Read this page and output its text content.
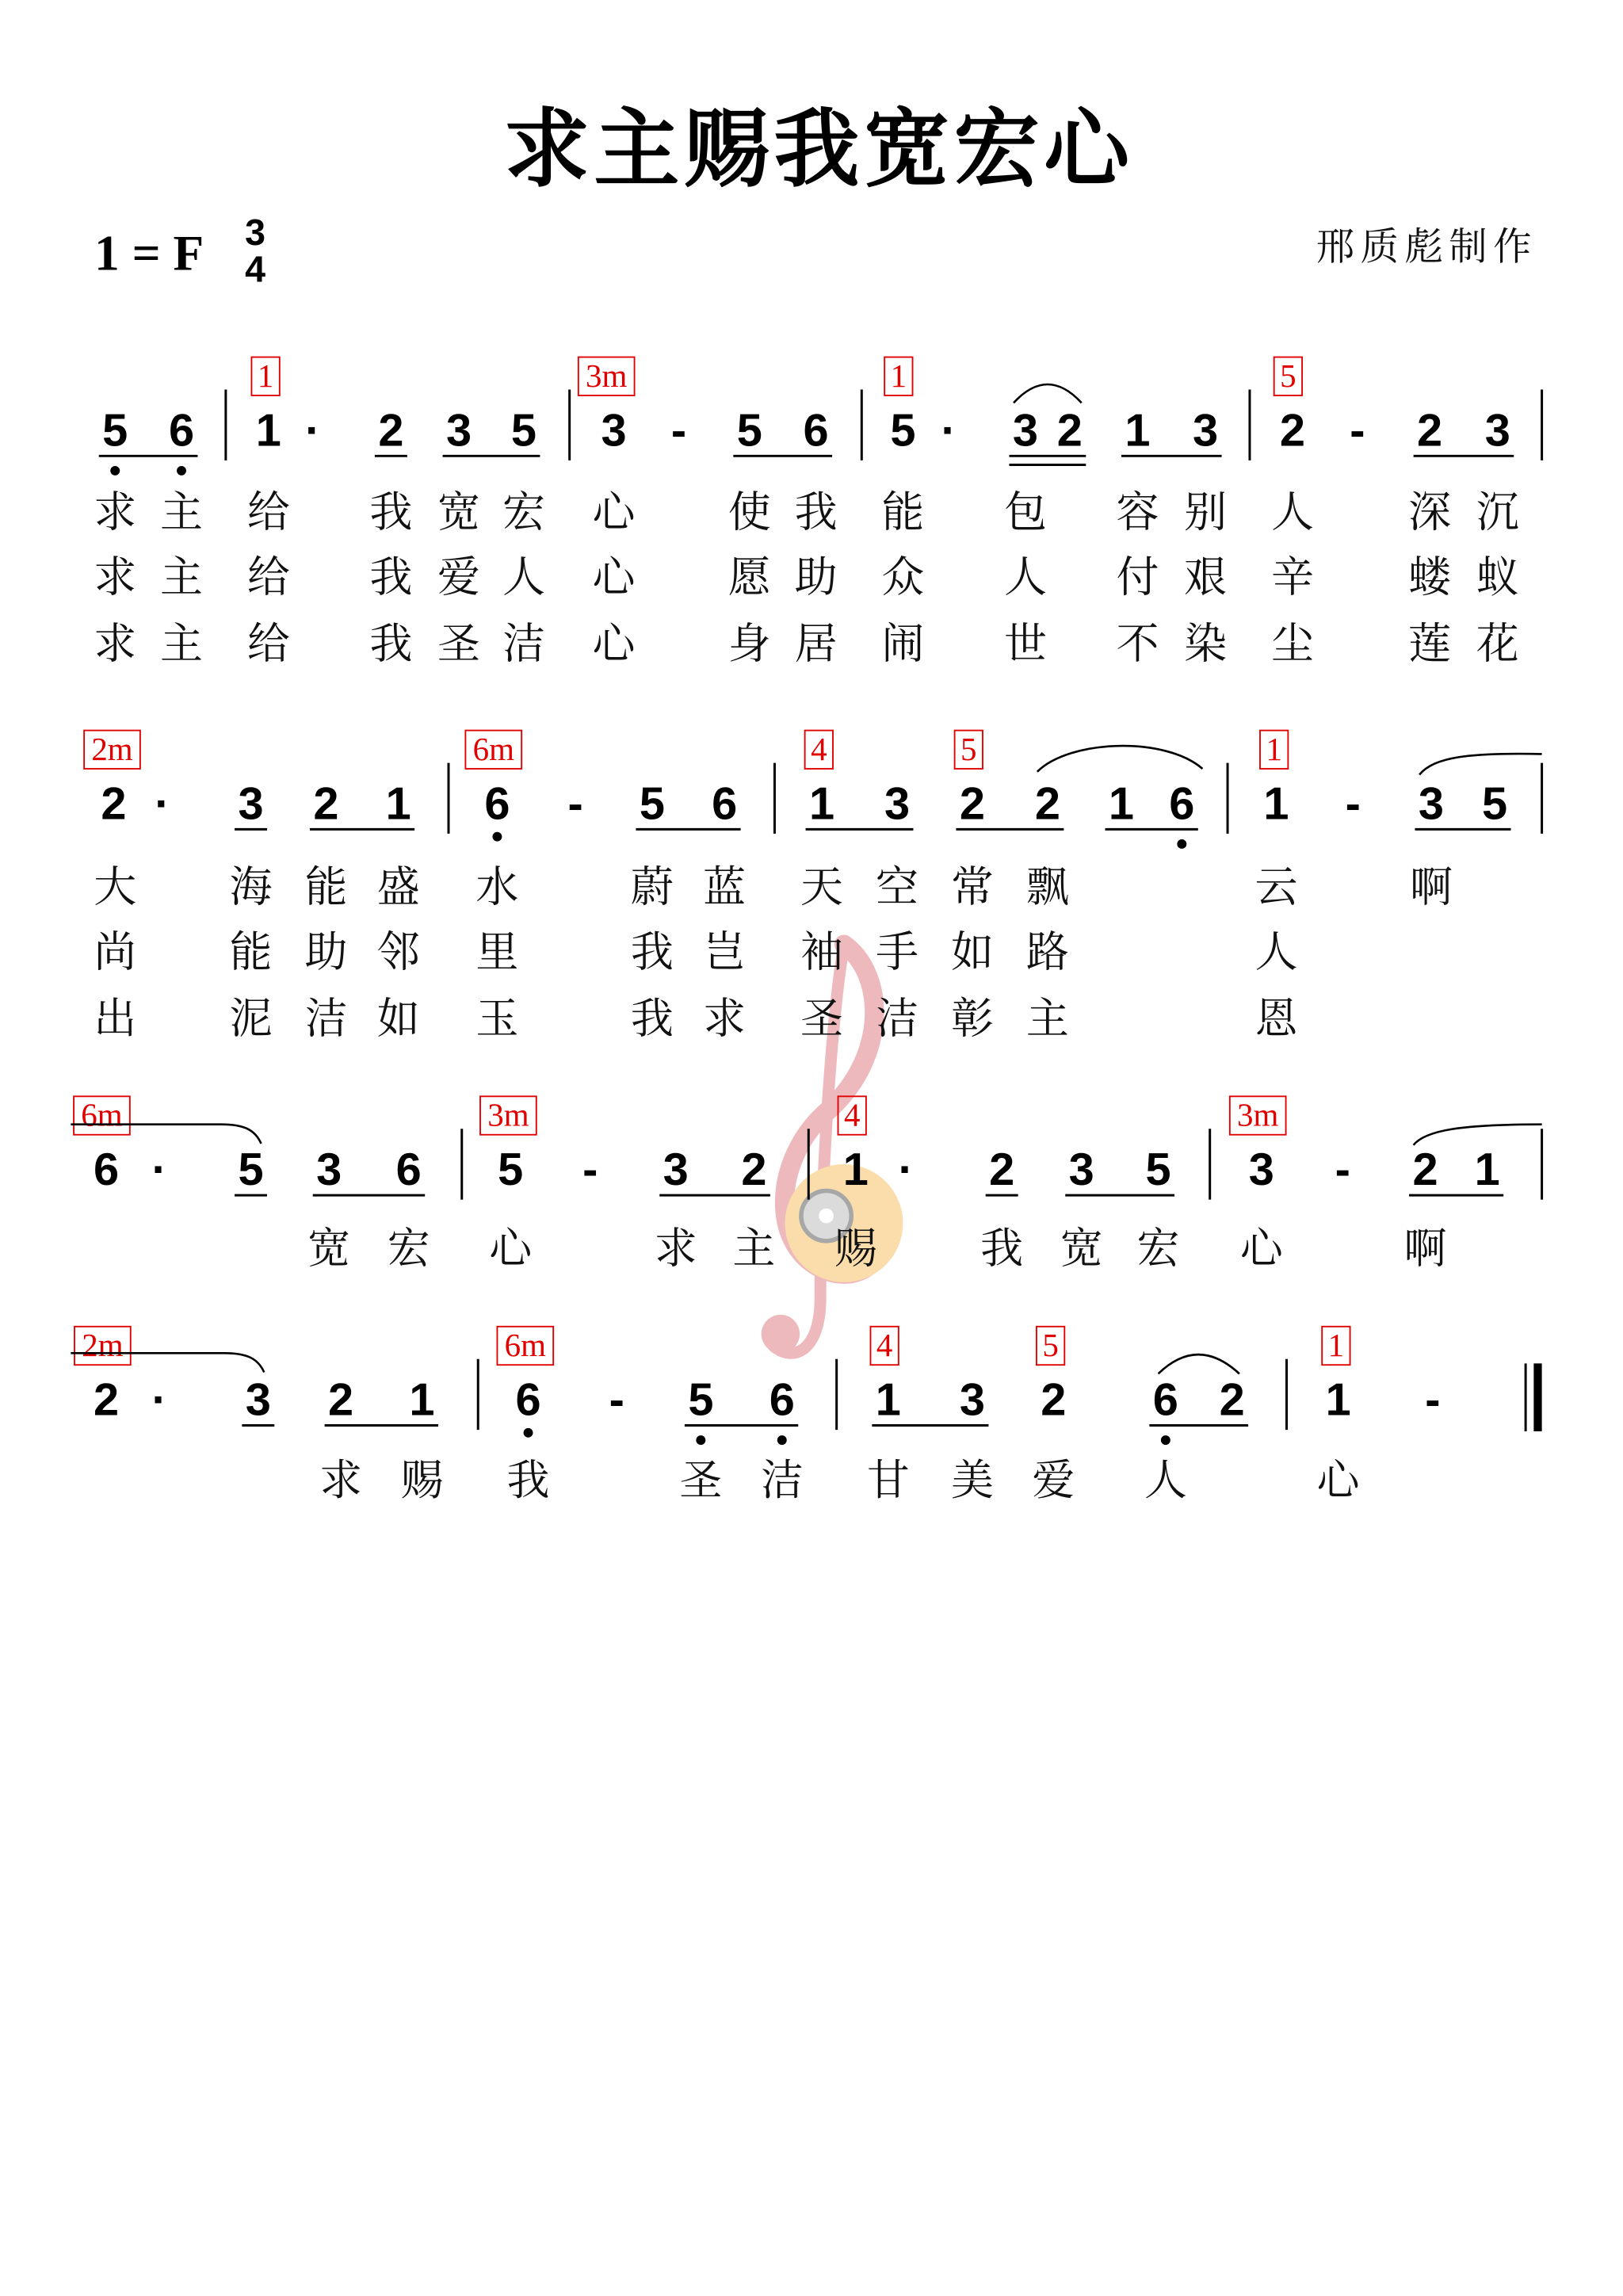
求主赐我宽宏心
1 = F 3
4	邢质彪制作
1	3m	1	5
5 6	1 · 2 3 5	3 - 5 6	5 · 3 2 1 3	2 - 2 3
求 主 给	我 宽 宏 心	使 我 能	包	容 别 人	深 沉
求 主 给	我 爱 人 心	愿 助 众	人	付 艰 辛	蝼 蚁
求 主 给	我 圣 洁 心	身 居 闹	世	不 染 尘	莲 花
2m	6m	4	5	1
2 ·	3 2 1	6 - 5 6	1 3 2 2 1 6	1 - 3 5
大	海 能 盛 水	蔚 蓝 天 空 常 飘	云	啊
尚	能 助 邻 里	我 岂 袖 手 如 路	人
出	泥 洁 如 玉	我 求 圣 洁 彰 主	恩
6m	3m	4	3m
6 ·	5 3 6	5 -	3 2	1 ·	2 3 5	3 -	2 1
宽 宏	心	求 主	赐	我 宽 宏	心	啊
2m	6m	4	5	1
2 ·	3 2 1	6	-	5 6	1 3 2	6 2	1	-
求 赐	我	圣 洁	甘 美 爱	人	心
